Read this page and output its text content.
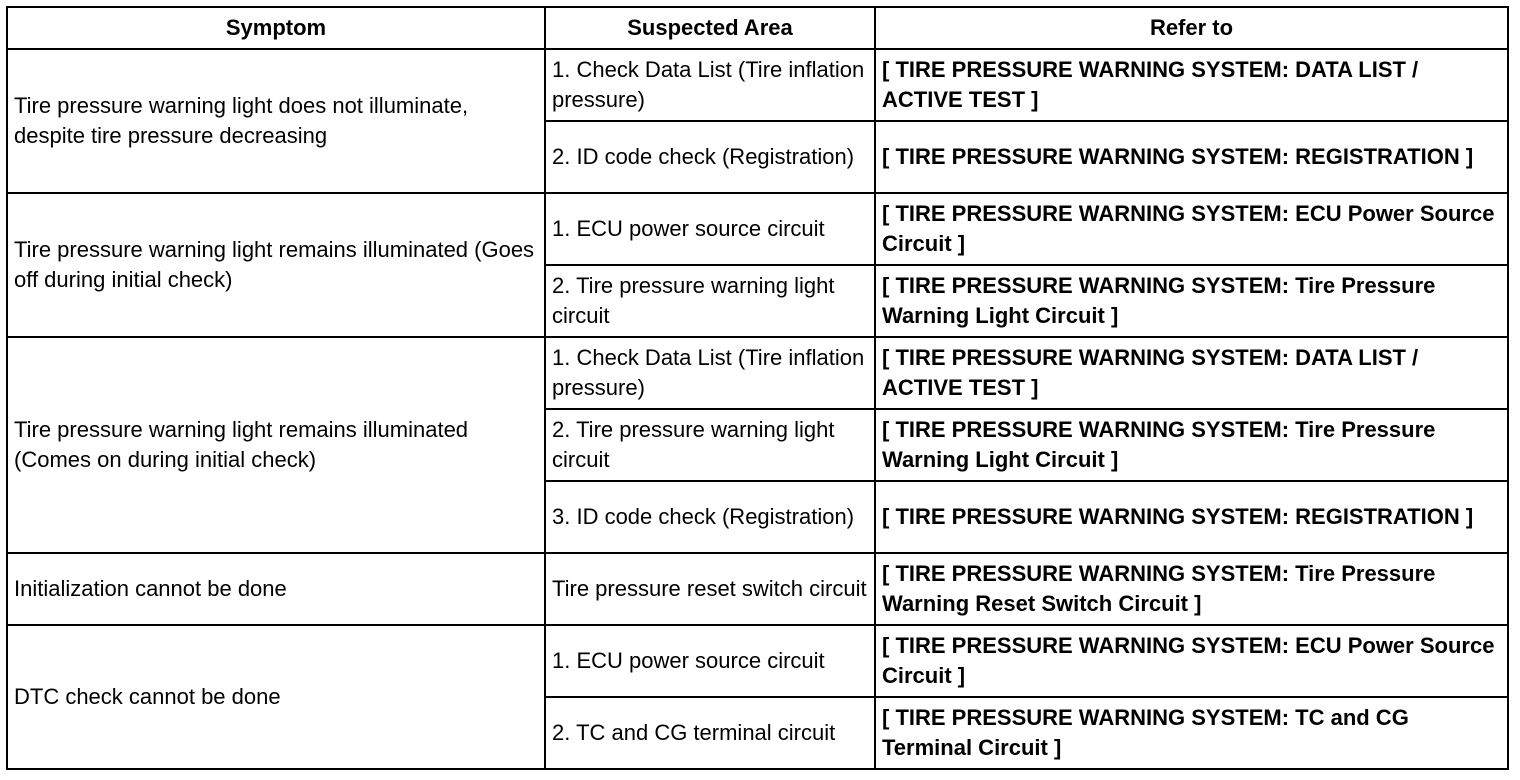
Symptom	Suspected Area	Refer to
Tire pressure warning light does not illuminate, despite tire pressure decreasing	1. Check Data List (Tire inflation pressure)	[ TIRE PRESSURE WARNING SYSTEM: DATA LIST / ACTIVE TEST ]
	2. ID code check (Registration)	[ TIRE PRESSURE WARNING SYSTEM: REGISTRATION ]
Tire pressure warning light remains illuminated (Goes off during initial check)	1. ECU power source circuit	[ TIRE PRESSURE WARNING SYSTEM: ECU Power Source Circuit ]
	2. Tire pressure warning light circuit	[ TIRE PRESSURE WARNING SYSTEM: Tire Pressure Warning Light Circuit ]
Tire pressure warning light remains illuminated (Comes on during initial check)	1. Check Data List (Tire inflation pressure)	[ TIRE PRESSURE WARNING SYSTEM: DATA LIST / ACTIVE TEST ]
	2. Tire pressure warning light circuit	[ TIRE PRESSURE WARNING SYSTEM: Tire Pressure Warning Light Circuit ]
	3. ID code check (Registration)	[ TIRE PRESSURE WARNING SYSTEM: REGISTRATION ]
Initialization cannot be done	Tire pressure reset switch circuit	[ TIRE PRESSURE WARNING SYSTEM: Tire Pressure Warning Reset Switch Circuit ]
DTC check cannot be done	1. ECU power source circuit	[ TIRE PRESSURE WARNING SYSTEM: ECU Power Source Circuit ]
	2. TC and CG terminal circuit	[ TIRE PRESSURE WARNING SYSTEM: TC and CG Terminal Circuit ]
